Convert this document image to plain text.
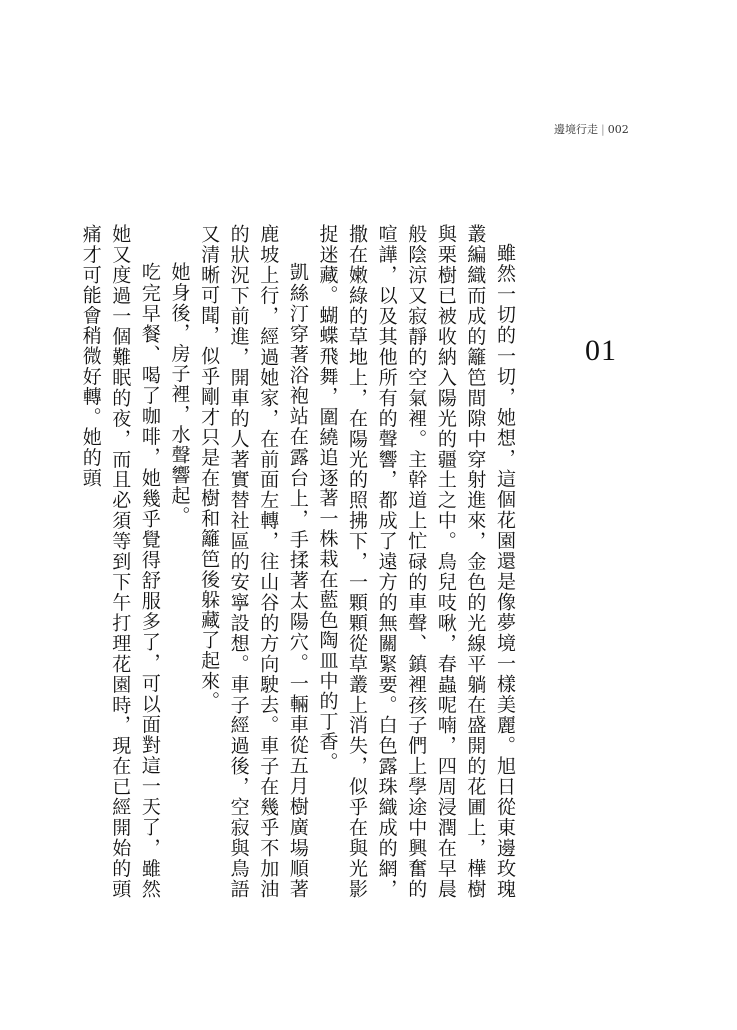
邊境行走 | 002
01

雖然一切的一切，她想，這個花園還是像夢境一樣美麗。旭日從東邊玫瑰叢編織而成的籬笆間隙中穿射進來，金色的光線平躺在盛開的花圃上，樺樹與栗樹已被收納入陽光的疆土之中。鳥兒吱啾，春蟲呢喃，四周浸潤在早晨般陰涼又寂靜的空氣裡。主幹道上忙碌的車聲、鎮裡孩子們上學途中興奮的喧譁，以及其他所有的聲響，都成了遠方的無關緊要。白色露珠織成的網，撒在嫩綠的草地上，在陽光的照拂下，一顆顆從草叢上消失，似乎在與光影捉迷藏。蝴蝶飛舞，圍繞追逐著一株栽在藍色陶皿中的丁香。

凱絲汀穿著浴袍站在露台上，手揉著太陽穴。一輛車從五月樹廣場順著鹿坡上行，經過她家，在前面左轉，往山谷的方向駛去。車子在幾乎不加油的狀況下前進，開車的人著實替社區的安寧設想。車子經過後，空寂與鳥語又清晰可聞，似乎剛才只是在樹和籬笆後躲藏了起來。

她身後，房子裡，水聲響起。

吃完早餐、喝了咖啡，她幾乎覺得舒服多了，可以面對這一天了，雖然她又度過一個難眠的夜，而且必須等到下午打理花園時，現在已經開始的頭痛才可能會稍微好轉。她的頭
